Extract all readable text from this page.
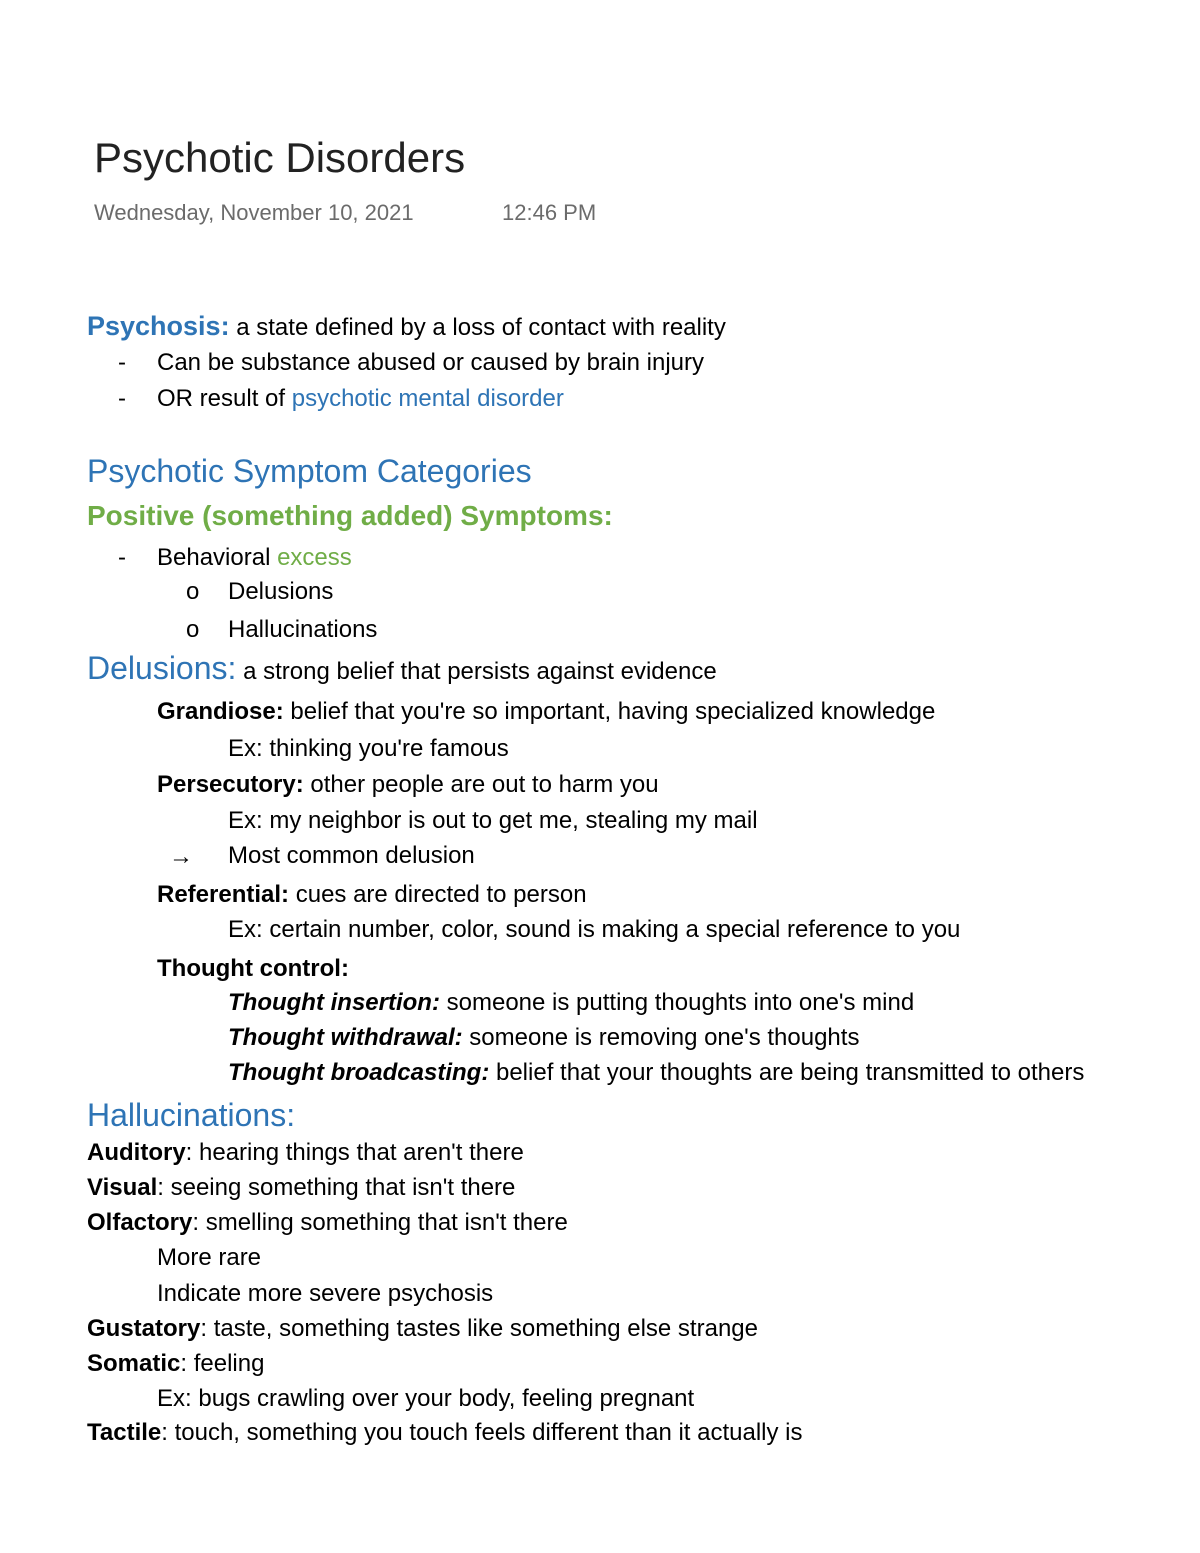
Psychotic Disorders
Wednesday, November 10, 2021	12:46 PM
Psychosis: a state defined by a loss of contact with reality
- Can be substance abused or caused by brain injury
- OR result of psychotic mental disorder
Psychotic Symptom Categories
Positive (something added) Symptoms:
- Behavioral excess
o Delusions
o Hallucinations
Delusions: a strong belief that persists against evidence
Grandiose: belief that you're so important, having specialized knowledge
Ex: thinking you're famous
Persecutory: other people are out to harm you
Ex: my neighbor is out to get me, stealing my mail
→ Most common delusion
Referential: cues are directed to person
Ex: certain number, color, sound is making a special reference to you
Thought control:
Thought insertion: someone is putting thoughts into one's mind
Thought withdrawal: someone is removing one's thoughts
Thought broadcasting: belief that your thoughts are being transmitted to others
Hallucinations:
Auditory: hearing things that aren't there
Visual: seeing something that isn't there
Olfactory: smelling something that isn't there
More rare
Indicate more severe psychosis
Gustatory: taste, something tastes like something else strange
Somatic: feeling
Ex: bugs crawling over your body, feeling pregnant
Tactile: touch, something you touch feels different than it actually is
